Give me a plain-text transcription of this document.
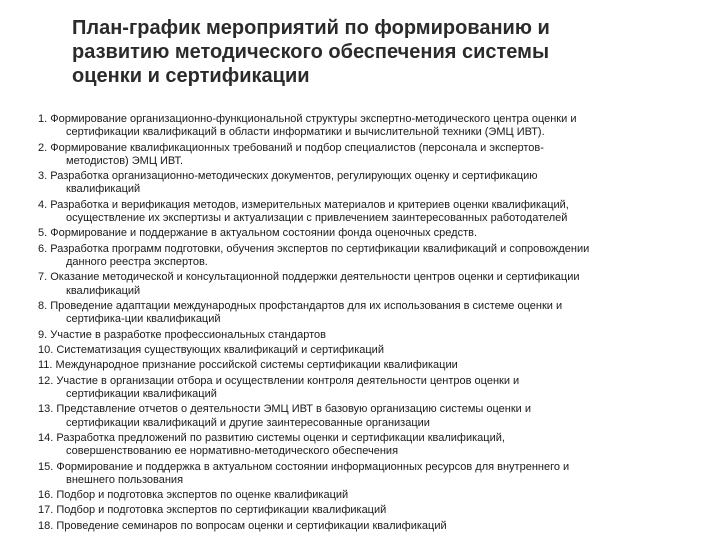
План-график мероприятий по формированию и
развитию методического обеспечения системы
оценки и сертификации
1. Формирование организационно-функциональной структуры экспертно-методического центра оценки и
сертификации квалификаций в области информатики и вычислительной техники (ЭМЦ ИВТ).
2. Формирование квалификационных требований и подбор специалистов (персонала и экспертов-
методистов) ЭМЦ ИВТ.
3. Разработка организационно-методических документов, регулирующих оценку и сертификацию
квалификаций
4. Разработка и верификация методов, измерительных материалов и критериев оценки квалификаций,
осуществление их экспертизы и актуализации с привлечением заинтересованных работодателей
5. Формирование и поддержание в актуальном состоянии фонда оценочных средств.
6. Разработка программ подготовки, обучения экспертов по сертификации квалификаций и сопровождении
данного реестра экспертов.
7. Оказание методической и консультационной поддержки деятельности центров оценки и сертификации
квалификаций
8. Проведение адаптации международных профстандартов для их использования в системе оценки и
сертифика-ции квалификаций
9. Участие в разработке профессиональных стандартов
10. Систематизация существующих квалификаций и сертификаций
11. Международное признание российской системы сертификации квалификации
12. Участие в организации отбора и осуществлении контроля деятельности центров оценки и
сертификации квалификаций
13. Представление отчетов о деятельности ЭМЦ ИВТ в базовую организацию системы оценки и
сертификации квалификаций и другие заинтересованные организации
14. Разработка предложений по развитию системы оценки и сертификации квалификаций,
совершенствованию ее нормативно-методического обеспечения
15. Формирование и поддержка в актуальном состоянии информационных ресурсов для внутреннего и
внешнего пользования
16. Подбор и подготовка экспертов по оценке квалификаций
17. Подбор и подготовка экспертов по сертификации квалификаций
18. Проведение семинаров по вопросам оценки и сертификации квалификаций
